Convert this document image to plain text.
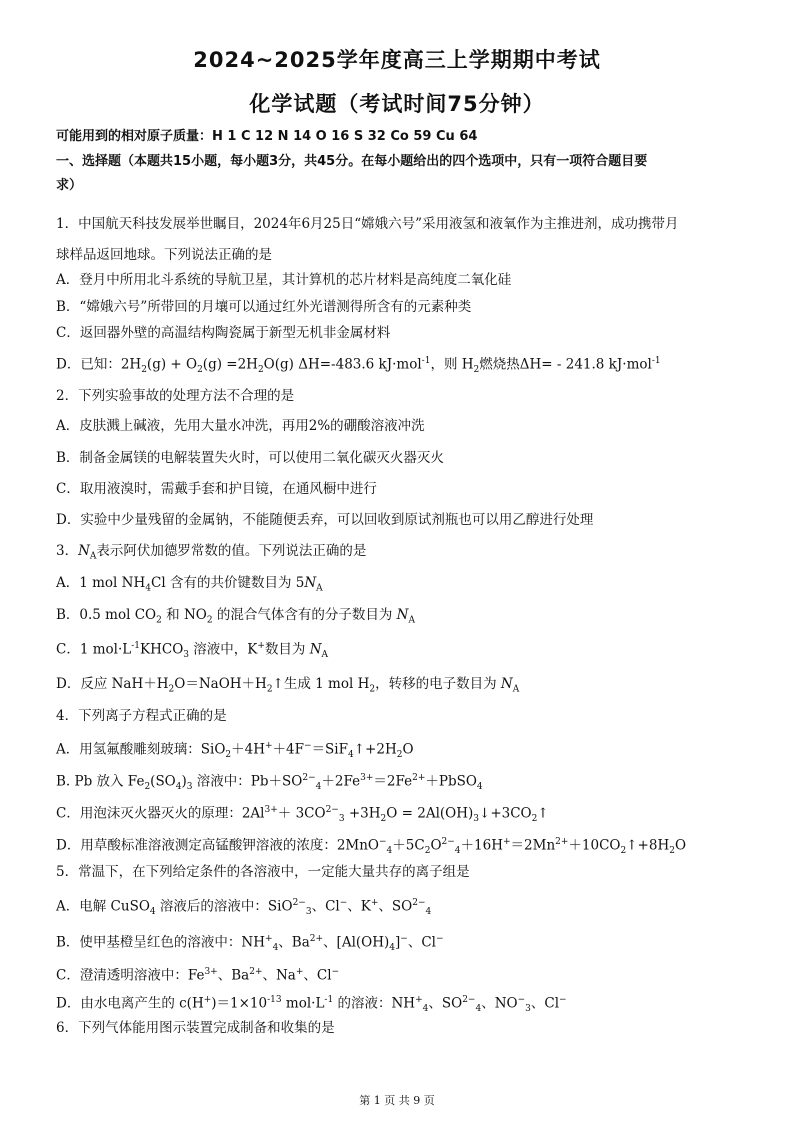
2024~2025学年度高三上学期期中考试
化学试题（考试时间75分钟）
可能用到的相对原子质量：H 1 C 12 N 14 O 16 S 32 Co 59 Cu 64
一、选择题（本题共15小题，每小题3分，共45分。在每小题给出的四个选项中，只有一项符合题目要
求）
1．中国航天科技发展举世瞩目，2024年6月25日“嫦娥六号”采用液氢和液氧作为主推进剂，成功携带月
球样品返回地球。下列说法正确的是
A．登月中所用北斗系统的导航卫星，其计算机的芯片材料是高纯度二氧化硅
B．“嫦娥六号”所带回的月壤可以通过红外光谱测得所含有的元素种类
C．返回器外壁的高温结构陶瓷属于新型无机非金属材料
D．已知：$2H_2(g) + O_2(g) =2H_2O(g)$ ΔH=-483.6 kJ·mol$^{-1}$，则 $H_2$燃烧热ΔH= - 241.8 kJ·mol$^{-1}$
2．下列实验事故的处理方法不合理的是
A．皮肤溅上碱液，先用大量水冲洗，再用2%的硼酸溶液冲洗
B．制备金属镁的电解装置失火时，可以使用二氧化碳灭火器灭火
C．取用液溴时，需戴手套和护目镜，在通风橱中进行
D．实验中少量残留的金属钠，不能随便丢弃，可以回收到原试剂瓶也可以用乙醇进行处理
3．$N_A$表示阿伏加德罗常数的值。下列说法正确的是
A．1 mol $NH_4Cl$ 含有的共价键数目为 $5N_A$
B．0.5 mol $CO_2$ 和 $NO_2$ 的混合气体含有的分子数目为 $N_A$
C．1 $mol\cdot L^{-1}KHCO_3$ 溶液中，K+数目为 $N_A$
D．反应 $NaH+H_2O=NaOH+H_2↑$生成 1 mol $H_2$，转移的电子数目为 $N_A$
4．下列离子方程式正确的是
A．用氢氟酸雕刻玻璃：$SiO_2+4H^++4F^-=SiF_4↑+2H_2O$
B. Pb 放入 $Fe_2(SO_4)_3$ 溶液中：$Pb+SO^{2-}_4+2Fe^{3+}=2Fe^{2+}+PbSO_4$
C．用泡沫灭火器灭火的原理：$2Al^{3+}+ 3CO^{2-}_3 +3H_2O$ = $2Al(OH)_3↓+3CO_2↑$
D．用草酸标准溶液测定高锰酸钾溶液的浓度：$2MnO^-_4+5C_2O^{2-}_4+16H^+=2Mn^{2+}+10CO_2↑+8H_2O$
5．常温下，在下列给定条件的各溶液中，一定能大量共存的离子组是
A．电解 CuSO$_4$ 溶液后的溶液中：SiO$^{2-}_3$、Cl−、K+、$SO^{2-}_4$
B．使甲基橙呈红色的溶液中：$NH^+_4$、$Ba^{2+}$、$[Al(OH)_4]^-$、Cl−
C．澄清透明溶液中：$Fe^{3+}$、$Ba^{2+}$、Na+、Cl−
D．由水电离产生的 $c(H^+)=1\times 10^{-13}$ $mol\cdot L^{-1}$ 的溶液：$NH^+_4$、$SO^{2-}_4$、$NO^-_3$、Cl−
6．下列气体能用图示装置完成制备和收集的是
第 1 页 共 9 页
